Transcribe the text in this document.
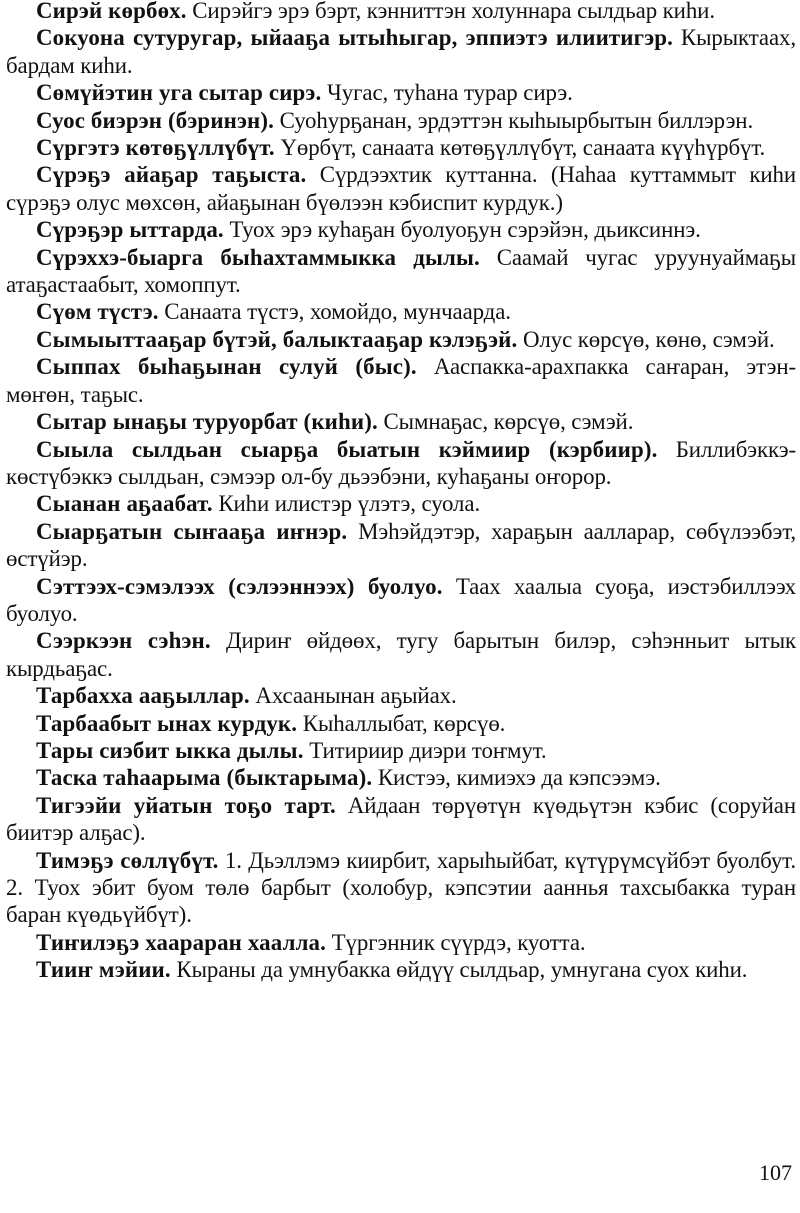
Сирэй көрбөх. Сирэйгэ эрэ бэрт, кэнниттэн холуннара сылдьар киһи.

Сокуона сутуругар, ыйааҕа ытыһыгар, эппиэтэ илиитигэр. Кырыктаах, бардам киһи.

Сөмүйэтин уга сытар сирэ. Чугас, туһана турар сирэ.

Суос биэрэн (бэринэн). Суоһурҕанан, эрдэттэн кыһыырбытын биллэрэн.

Сүргэтэ көтөҕүллүбүт. Үөрбүт, санаата көтөҕүллүбүт, санаата күүһүрбүт.

Сүрэҕэ айаҕар таҕыста. Сүрдээхтик куттанна. (Наһаа куттаммыт киһи сүрэҕэ олус мөхсөн, айаҕынан бүөлээн кэбиспит курдук.)

Сүрэҕэр ыттарда. Туох эрэ куһаҕан буолуоҕун сэрэйэн, дьиксиннэ.

Сүрэххэ-быарга быһахтаммыкка дылы. Саамай чугас уруунуаймаҕы атаҕастаабыт, хомоппут.

Сүөм түстэ. Санаата түстэ, хомойдо, мунчаарда.

Сымыыттааҕар бүтэй, балыктааҕар кэлэҕэй. Олус көрсүө, көнө, сэмэй.

Сыппах быһаҕынан сулуй (быс). Ааспакка-арахпакка саҥаран, этэн-мөҥөн, таҕыс.

Сытар ынаҕы туруорбат (киһи). Сымнаҕас, көрсүө, сэмэй.

Сыыла сылдьан сыарҕа быатын кэймиир (кэрбиир). Биллибэккэ-көстүбэккэ сылдьан, сэмээр ол-бу дьээбэни, куһаҕаны оҥорор.

Сыанан аҕаабат. Киһи илистэр үлэтэ, суола.

Сыарҕатын сыҥааҕа иҥнэр. Мэһэйдэтэр, хараҕын аалларар, сөбүлээбэт, өстүйэр.

Сэттээх-сэмэлээх (сэлээннээх) буолуо. Таах хаалыа суоҕа, иэстэбиллээх буолуо.

Сээркээн сэһэн. Дириҥ өйдөөх, тугу барытын билэр, сэһэнньит ытык кырдьаҕас.

Тарбахха ааҕыллар. Ахсаанынан аҕыйах.

Тарбаабыт ынах курдук. Кыһаллыбат, көрсүө.

Тары сиэбит ыкка дылы. Титириир диэри тоҥмут.

Таска таһаарыма (быктарыма). Кистээ, кимиэхэ да кэпсээмэ.

Тигээйи уйатын тоҕо тарт. Айдаан төрүөтүн күөдьүтэн кэбис (соруйан биитэр алҕас).

Тимэҕэ сөллүбүт. 1. Дьэллэмэ киирбит, харыһыйбат, күтүрүмсүйбэт буолбут. 2. Туох эбит буом төлө барбыт (холобур, кэпсэтии ааннья тахсыбакка туран баран күөдьүйбүт).

Тиҥилэҕэ хаараран хаалла. Түргэнник сүүрдэ, куотта.

Тииҥ мэйии. Кыраны да умнубакка өйдүү сылдьар, умнугана суох киһи.

107
